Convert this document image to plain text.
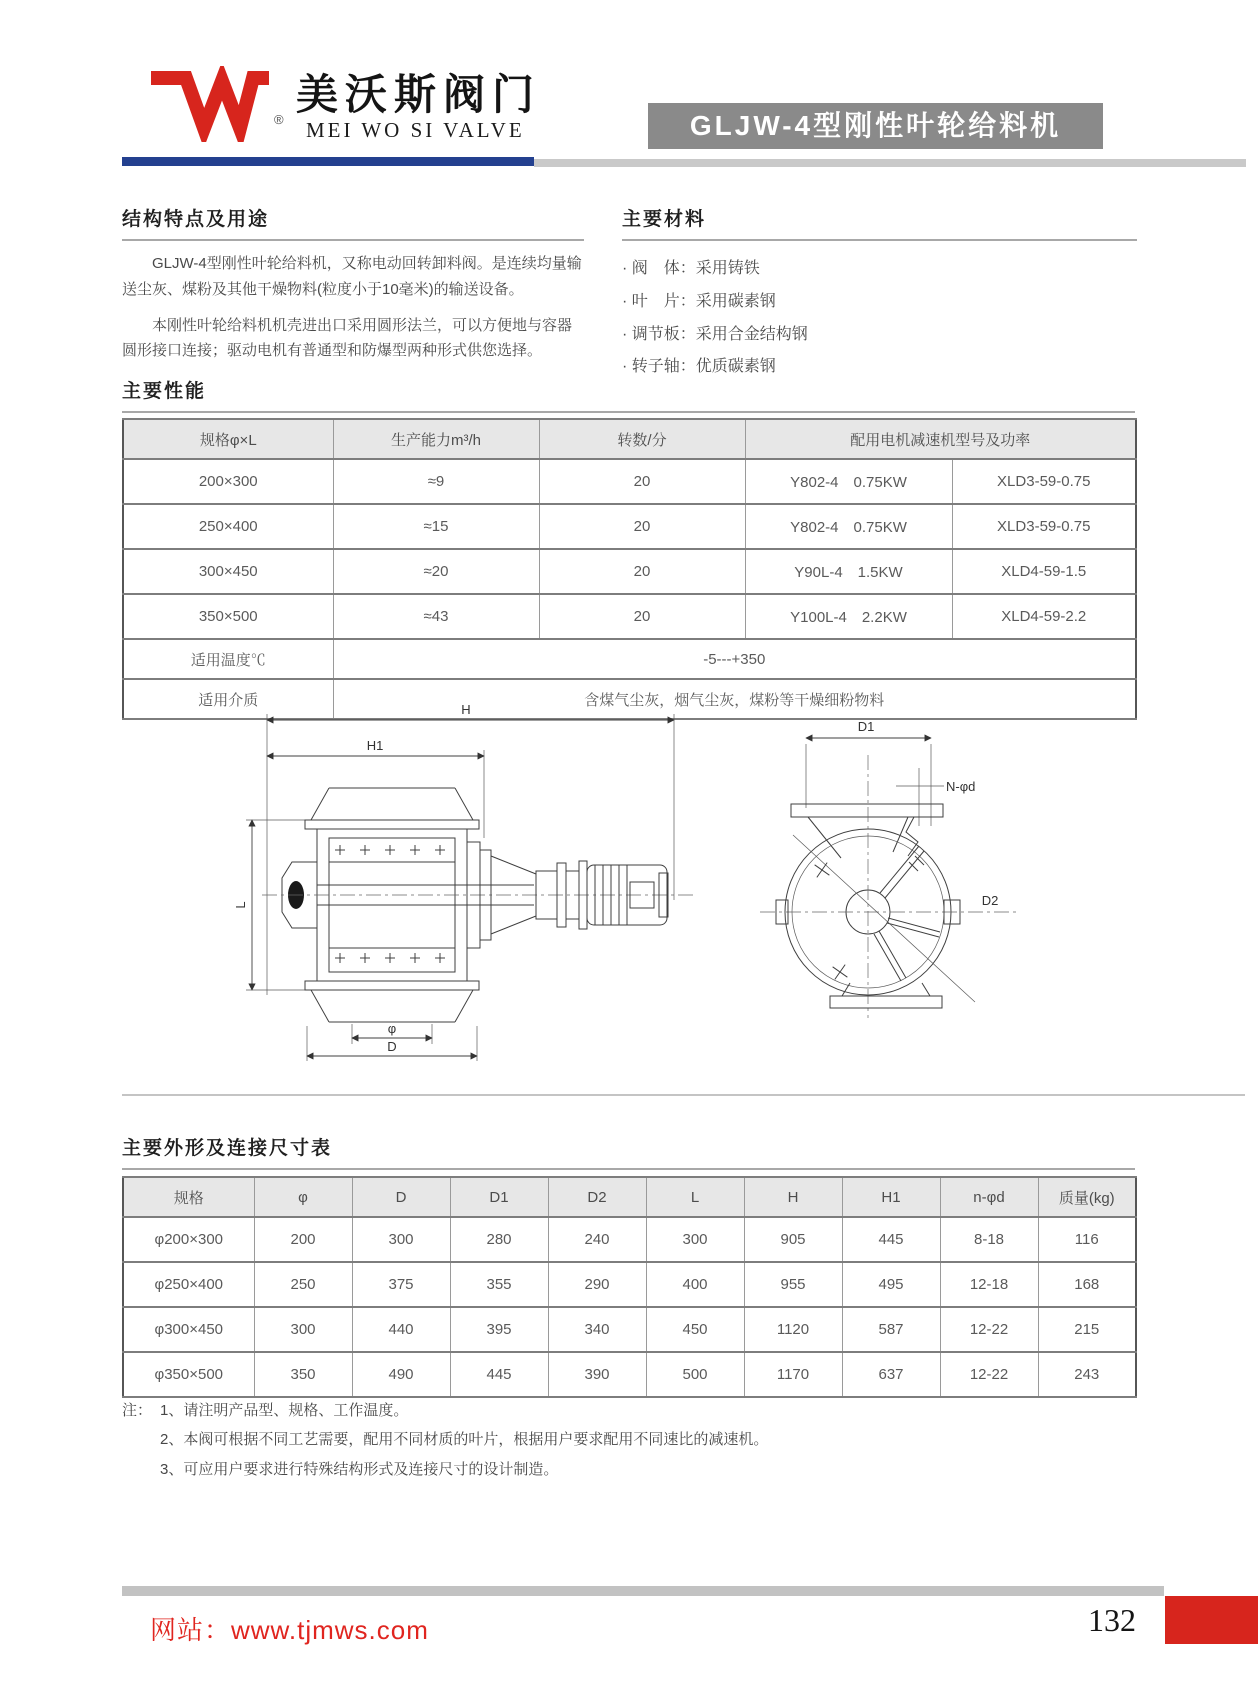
®
美沃斯阀门
MEI WO SI VALVE	GLJW-4型刚性叶轮给料机
结构特点及用途

GLJW-4型刚性叶轮给料机，又称电动回转卸料阀。是连续均量输送尘灰、煤粉及其他干燥物料(粒度小于10毫米)的输送设备。

本刚性叶轮给料机机壳进出口采用圆形法兰，可以方便地与容器圆形接口连接；驱动电机有普通型和防爆型两种形式供您选择。

主要材料
· 阀　体：采用铸铁
· 叶　片：采用碳素钢
· 调节板：采用合金结构钢
· 转子轴：优质碳素钢
主要性能
规格φ×L	生产能力m³/h	转数/分	配用电机减速机型号及功率	
200×300	≈9	20	Y802-4　0.75KW	XLD3-59-0.75
250×400	≈15	20	Y802-4　0.75KW	XLD3-59-0.75
300×450	≈20	20	Y90L-4　1.5KW	XLD4-59-1.5
350×500	≈43	20	Y100L-4　2.2KW	XLD4-59-2.2
适用温度℃	-5---+350			
适用介质	含煤气尘灰，烟气尘灰，煤粉等干燥细粉物料			
H
H1
L
φ
D
D1
N-φd
D2
主要外形及连接尺寸表
规格	φ	D	D1	D2	L	H	H1	n-φd	质量(kg)
φ200×300	200	300	280	240	300	905	445	8-18	116
φ250×400	250	375	355	290	400	955	495	12-18	168
φ300×450	300	440	395	340	450	1120	587	12-22	215
φ350×500	350	490	445	390	500	1170	637	12-22	243
注： 1、请注明产品型、规格、工作温度。
2、本阀可根据不同工艺需要，配用不同材质的叶片，根据用户要求配用不同速比的减速机。
3、可应用户要求进行特殊结构形式及连接尺寸的设计制造。
网站：www.tjmws.com	132
